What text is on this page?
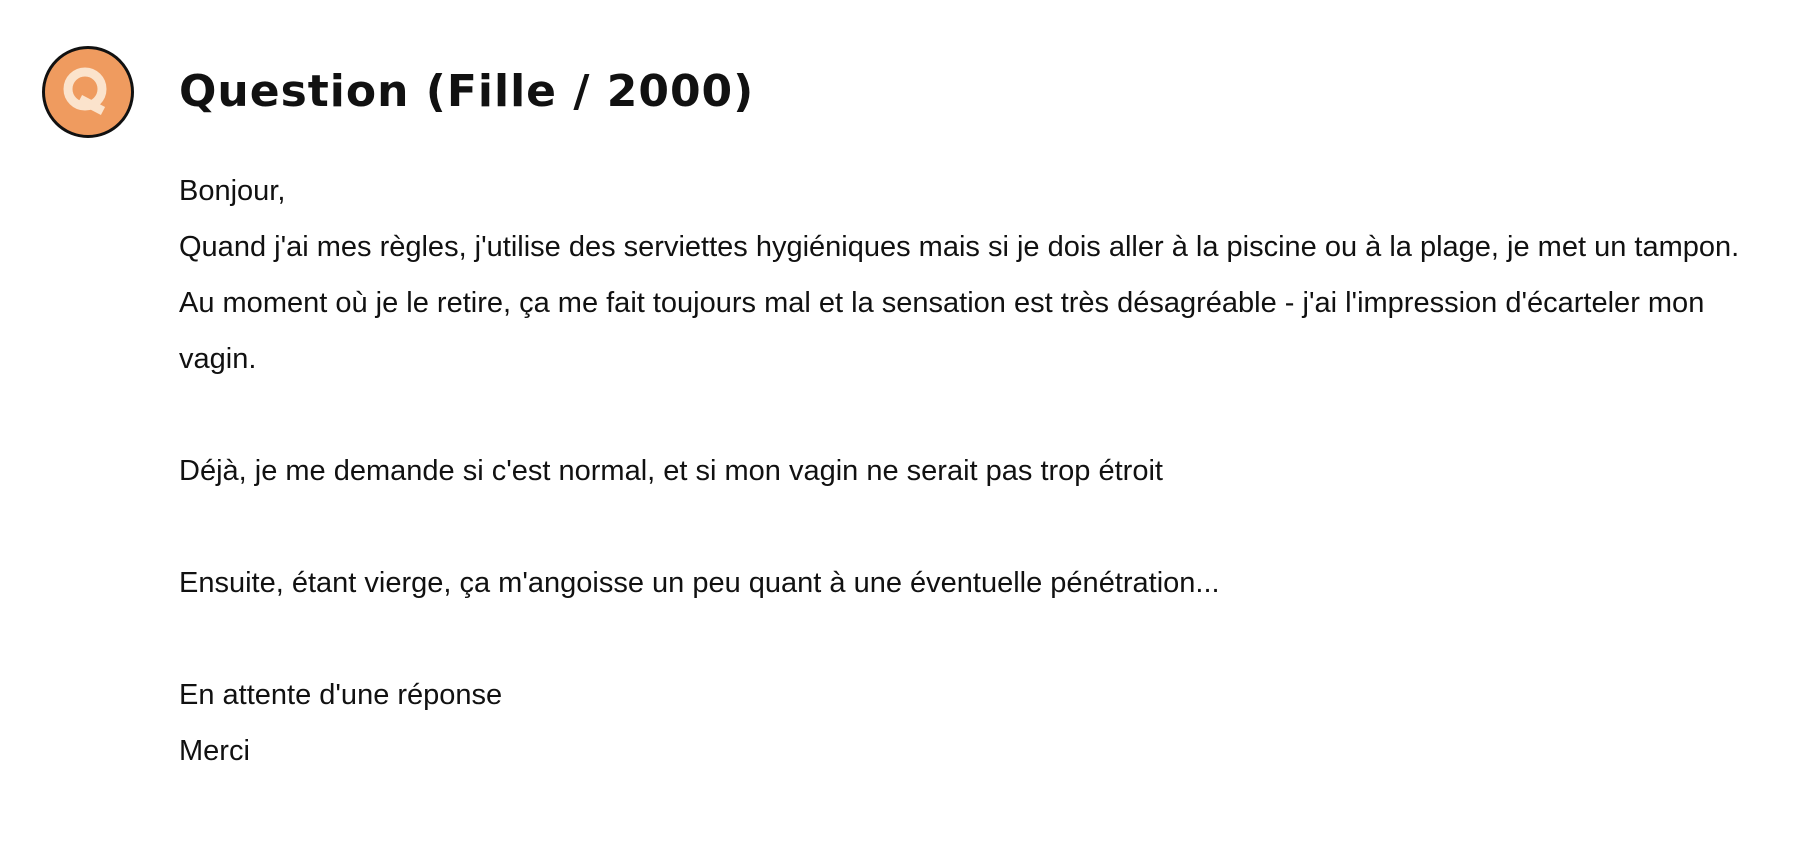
Question (Fille / 2000)

Bonjour,

Quand j'ai mes règles, j'utilise des serviettes hygiéniques mais si je dois aller à la piscine ou à la plage, je met un tampon.

Au moment où je le retire, ça me fait toujours mal et la sensation est très désagréable - j'ai l'impression d'écarteler mon vagin.

Déjà, je me demande si c'est normal, et si mon vagin ne serait pas trop étroit

Ensuite, étant vierge, ça m'angoisse un peu quant à une éventuelle pénétration...

En attente d'une réponse

Merci
